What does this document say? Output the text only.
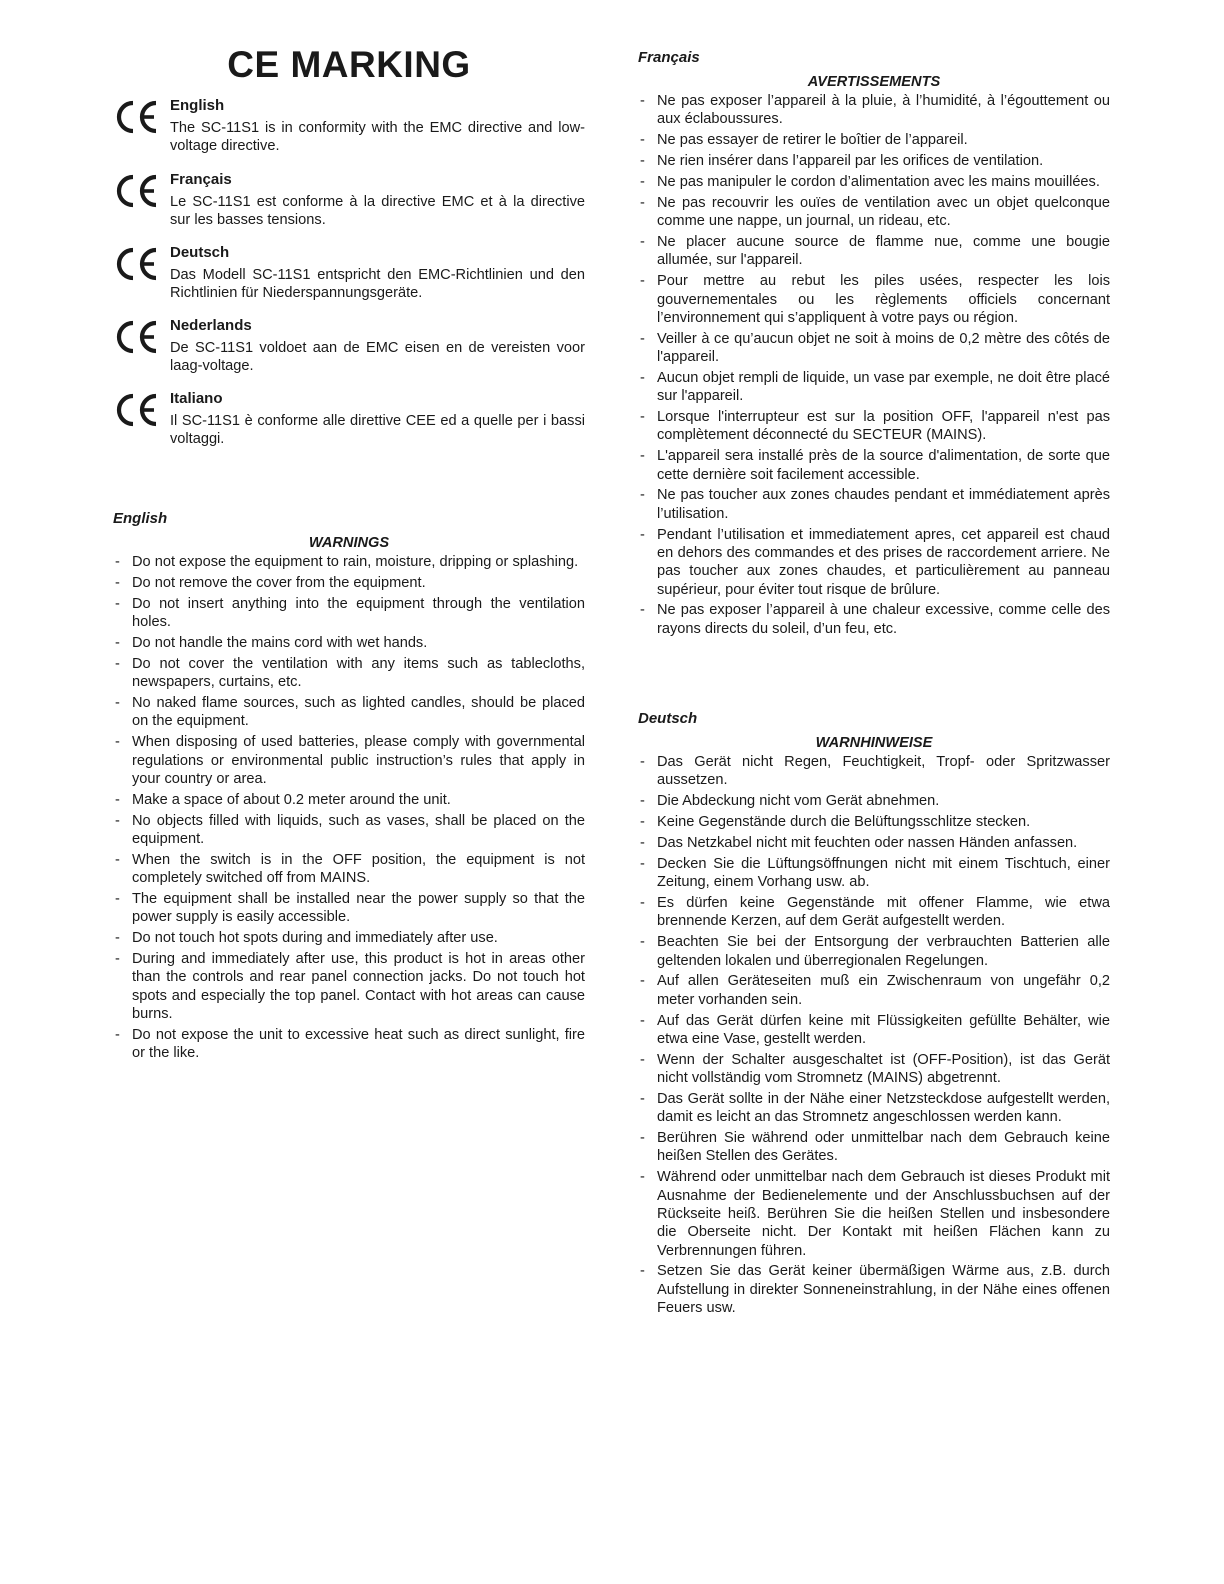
CE MARKING

English

The SC-11S1 is in conformity with the EMC directive and low-voltage directive.

Français

Le SC-11S1 est conforme à la directive EMC et à la directive sur les basses tensions.

Deutsch

Das Modell SC-11S1 entspricht den EMC-Richtlinien und den Richtlinien für Niederspannungsgeräte.

Nederlands

De SC-11S1 voldoet aan de EMC eisen en de vereisten voor laag-voltage.

Italiano

Il SC-11S1 è conforme alle direttive CEE ed a quelle per i bassi voltaggi.

English

WARNINGS

- Do not expose the equipment to rain, moisture, dripping or splashing.
- Do not remove the cover from the equipment.
- Do not insert anything into the equipment through the ventilation holes.
- Do not handle the mains cord with wet hands.
- Do not cover the ventilation with any items such as tablecloths, newspapers, curtains, etc.
- No naked flame sources, such as lighted candles, should be placed on the equipment.
- When disposing of used batteries, please comply with governmental regulations or environmental public instruction’s rules that apply in your country or area.
- Make a space of about 0.2 meter around the unit.
- No objects filled with liquids, such as vases, shall be placed on the equipment.
- When the switch is in the OFF position, the equipment is not completely switched off from MAINS.
- The equipment shall be installed near the power supply so that the power supply is easily accessible.
- Do not touch hot spots during and immediately after use.
- During and immediately after use, this product is hot in areas other than the controls and rear panel connection jacks. Do not touch hot spots and especially the top panel. Contact with hot areas can cause burns.
- Do not expose the unit to excessive heat such as direct sunlight, fire or the like.

Français

AVERTISSEMENTS

- Ne pas exposer l’appareil à la pluie, à l’humidité, à l’égouttement ou aux éclaboussures.
- Ne pas essayer de retirer le boîtier de l’appareil.
- Ne rien insérer dans l’appareil par les orifices de ventilation.
- Ne pas manipuler le cordon d’alimentation avec les mains mouillées.
- Ne pas recouvrir les ouïes de ventilation avec un objet quelconque comme une nappe, un journal, un rideau, etc.
- Ne placer aucune source de flamme nue, comme une bougie allumée, sur l'appareil.
- Pour mettre au rebut les piles usées, respecter les lois gouvernementales ou les règlements officiels concernant l’environnement qui s’appliquent à votre pays ou région.
- Veiller à ce qu’aucun objet ne soit à moins de 0,2 mètre des côtés de l'appareil.
- Aucun objet rempli de liquide, un vase par exemple, ne doit être placé sur l'appareil.
- Lorsque l'interrupteur est sur la position OFF, l'appareil n'est pas complètement déconnecté du SECTEUR (MAINS).
- L'appareil sera installé près de la source d'alimentation, de sorte que cette dernière soit facilement accessible.
- Ne pas toucher aux zones chaudes pendant et immédiatement après l’utilisation.
- Pendant l’utilisation et immediatement apres, cet appareil est chaud en dehors des commandes et des prises de raccordement arriere. Ne pas toucher aux zones chaudes, et particulièrement au panneau supérieur, pour éviter tout risque de brûlure.
- Ne pas exposer l’appareil à une chaleur excessive, comme celle des rayons directs du soleil, d’un feu, etc.

Deutsch

WARNHINWEISE

- Das Gerät nicht Regen, Feuchtigkeit, Tropf- oder Spritzwasser aussetzen.
- Die Abdeckung nicht vom Gerät abnehmen.
- Keine Gegenstände durch die Belüftungsschlitze stecken.
- Das Netzkabel nicht mit feuchten oder nassen Händen anfassen.
- Decken Sie die Lüftungsöffnungen nicht mit einem Tischtuch, einer Zeitung, einem Vorhang usw. ab.
- Es dürfen keine Gegenstände mit offener Flamme, wie etwa brennende Kerzen, auf dem Gerät aufgestellt werden.
- Beachten Sie bei der Entsorgung der verbrauchten Batterien alle geltenden lokalen und überregionalen Regelungen.
- Auf allen Geräteseiten muß ein Zwischenraum von ungefähr 0,2 meter vorhanden sein.
- Auf das Gerät dürfen keine mit Flüssigkeiten gefüllte Behälter, wie etwa eine Vase, gestellt werden.
- Wenn der Schalter ausgeschaltet ist (OFF-Position), ist das Gerät nicht vollständig vom Stromnetz (MAINS) abgetrennt.
- Das Gerät sollte in der Nähe einer Netzsteckdose aufgestellt werden, damit es leicht an das Stromnetz angeschlossen werden kann.
- Berühren Sie während oder unmittelbar nach dem Gebrauch keine heißen Stellen des Gerätes.
- Während oder unmittelbar nach dem Gebrauch ist dieses Produkt mit Ausnahme der Bedienelemente und der Anschlussbuchsen auf der Rückseite heiß. Berühren Sie die heißen Stellen und insbesondere die Oberseite nicht. Der Kontakt mit heißen Flächen kann zu Verbrennungen führen.
- Setzen Sie das Gerät keiner übermäßigen Wärme aus, z.B. durch Aufstellung in direkter Sonneneinstrahlung, in der Nähe eines offenen Feuers usw.
